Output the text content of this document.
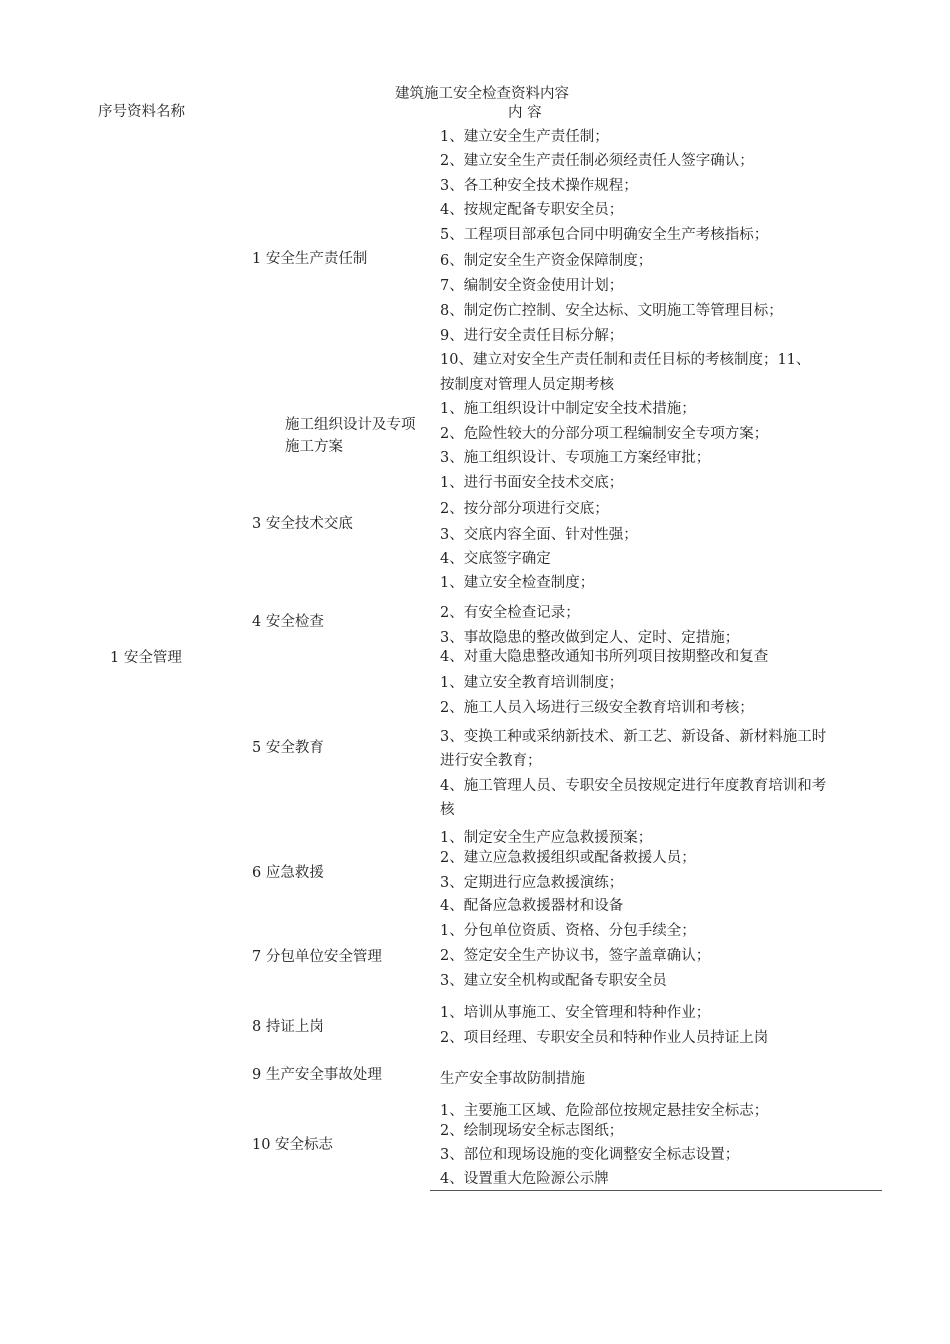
建筑施工安全检查资料内容
序号资料名称	内 容
1 安全管理
1 安全生产责任制
1、建立安全生产责任制；
2、建立安全生产责任制必须经责任人签字确认；
3、各工种安全技术操作规程；
4、按规定配备专职安全员；
5、工程项目部承包合同中明确安全生产考核指标；
6、制定安全生产资金保障制度；
7、编制安全资金使用计划；
8、制定伤亡控制、安全达标、文明施工等管理目标；
9、进行安全责任目标分解；
10、建立对安全生产责任制和责任目标的考核制度；11、
按制度对管理人员定期考核
施工组织设计及专项施工方案
1、施工组织设计中制定安全技术措施；
2、危险性较大的分部分项工程编制安全专项方案；
3、施工组织设计、专项施工方案经审批；
3 安全技术交底
1、进行书面安全技术交底；
2、按分部分项进行交底；
3、交底内容全面、针对性强；
4、交底签字确定
4 安全检查
1、建立安全检查制度；
2、有安全检查记录；
3、事故隐患的整改做到定人、定时、定措施；
4、对重大隐患整改通知书所列项目按期整改和复查
5 安全教育
1、建立安全教育培训制度；
2、施工人员入场进行三级安全教育培训和考核；
3、变换工种或采纳新技术、新工艺、新设备、新材料施工时
进行安全教育；
4、施工管理人员、专职安全员按规定进行年度教育培训和考
核
6 应急救援
1、制定安全生产应急救援预案；
2、建立应急救援组织或配备救援人员；
3、定期进行应急救援演练；
4、配备应急救援器材和设备
7 分包单位安全管理
1、分包单位资质、资格、分包手续全；
2、签定安全生产协议书，签字盖章确认；
3、建立安全机构或配备专职安全员
8 持证上岗
1、培训从事施工、安全管理和特种作业；
2、项目经理、专职安全员和特种作业人员持证上岗
9 生产安全事故处理	生产安全事故防制措施
10 安全标志
1、主要施工区域、危险部位按规定悬挂安全标志；
2、绘制现场安全标志图纸；
3、部位和现场设施的变化调整安全标志设置；
4、设置重大危险源公示牌
